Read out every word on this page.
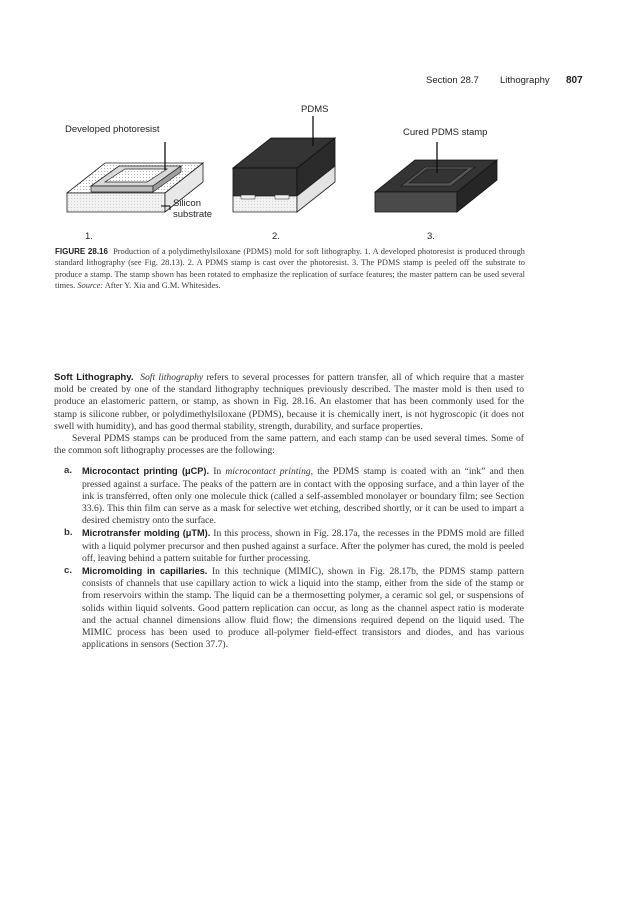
Section 28.7 Lithography 807
Developed photoresist
Silicon
substrate
1.
PDMS
2.
Cured PDMS stamp
3.
FIGURE 28.16 Production of a polydimethylsiloxane (PDMS) mold for soft lithography. 1. A developed photoresist is produced through standard lithography (see Fig. 28.13). 2. A PDMS stamp is cast over the photoresist. 3. The PDMS stamp is peeled off the substrate to produce a stamp. The stamp shown has been rotated to emphasize the replication of surface features; the master pattern can be used several times. Source: After Y. Xia and G.M. Whitesides.

Soft Lithography. Soft lithography refers to several processes for pattern transfer, all of which require that a master mold be created by one of the standard lithography techniques previously described. The master mold is then used to produce an elastomeric pattern, or stamp, as shown in Fig. 28.16. An elastomer that has been commonly used for the stamp is silicone rubber, or polydimethylsiloxane (PDMS), because it is chemically inert, is not hygroscopic (it does not swell with humidity), and has good thermal stability, strength, durability, and surface properties.

Several PDMS stamps can be produced from the same pattern, and each stamp can be used several times. Some of the common soft lithography processes are the following:

a. Microcontact printing (μCP). In microcontact printing, the PDMS stamp is coated with an “ink” and then pressed against a surface. The peaks of the pattern are in contact with the opposing surface, and a thin layer of the ink is transferred, often only one molecule thick (called a self-assembled monolayer or boundary film; see Section 33.6). This thin film can serve as a mask for selective wet etching, described shortly, or it can be used to impart a desired chemistry onto the surface.
b. Microtransfer molding (μTM). In this process, shown in Fig. 28.17a, the recesses in the PDMS mold are filled with a liquid polymer precursor and then pushed against a surface. After the polymer has cured, the mold is peeled off, leaving behind a pattern suitable for further processing.
c. Micromolding in capillaries. In this technique (MIMIC), shown in Fig. 28.17b, the PDMS stamp pattern consists of channels that use capillary action to wick a liquid into the stamp, either from the side of the stamp or from reservoirs within the stamp. The liquid can be a thermosetting polymer, a ceramic sol gel, or suspensions of solids within liquid solvents. Good pattern replication can occur, as long as the channel aspect ratio is moderate and the actual channel dimensions allow fluid flow; the dimensions required depend on the liquid used. The MIMIC process has been used to produce all-polymer field-effect transistors and diodes, and has various applications in sensors (Section 37.7).
